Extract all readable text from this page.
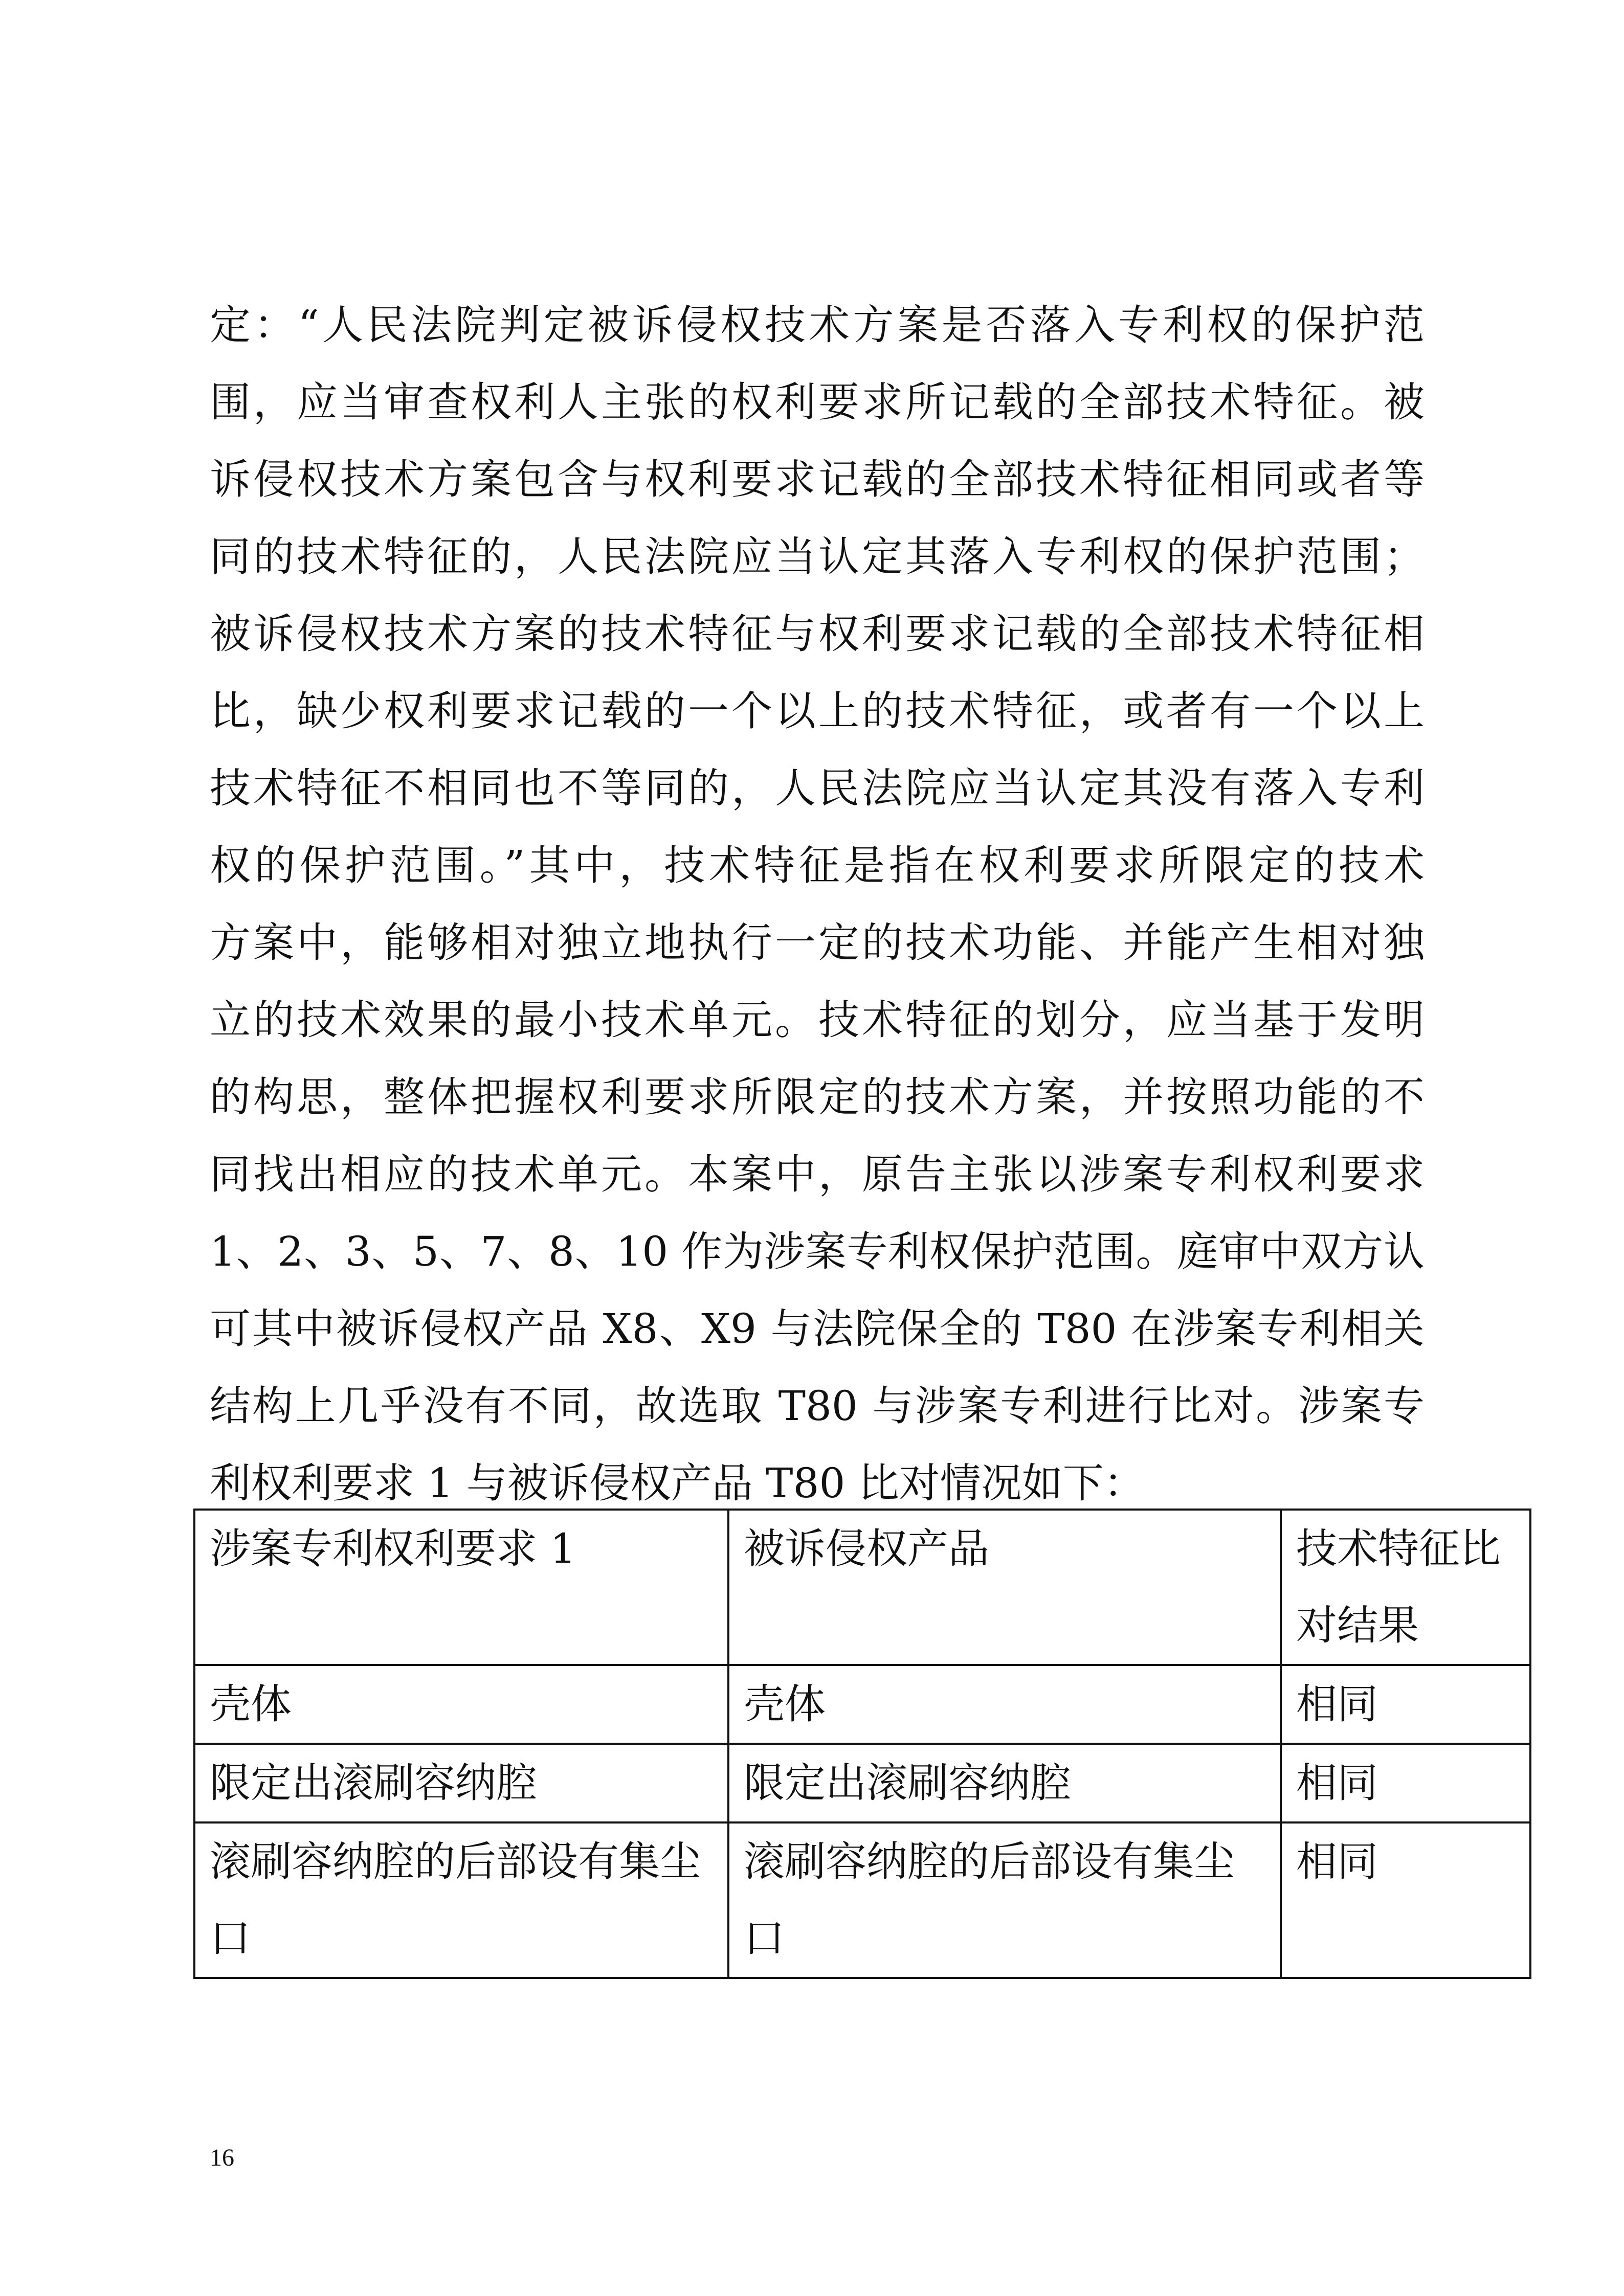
定：“人民法院判定被诉侵权技术方案是否落入专利权的保护范
围，应当审查权利人主张的权利要求所记载的全部技术特征。被
诉侵权技术方案包含与权利要求记载的全部技术特征相同或者等
同的技术特征的，人民法院应当认定其落入专利权的保护范围；
被诉侵权技术方案的技术特征与权利要求记载的全部技术特征相
比，缺少权利要求记载的一个以上的技术特征，或者有一个以上
技术特征不相同也不等同的，人民法院应当认定其没有落入专利
权的保护范围。”其中，技术特征是指在权利要求所限定的技术
方案中，能够相对独立地执行一定的技术功能、并能产生相对独
立的技术效果的最小技术单元。技术特征的划分，应当基于发明
的构思，整体把握权利要求所限定的技术方案，并按照功能的不
同找出相应的技术单元。本案中，原告主张以涉案专利权利要求
1、2、3、5、7、8、10 作为涉案专利权保护范围。庭审中双方认
可其中被诉侵权产品 X8、X9 与法院保全的 T80 在涉案专利相关
结构上几乎没有不同，故选取 T80 与涉案专利进行比对。涉案专
利权利要求 1 与被诉侵权产品 T80 比对情况如下：
涉案专利权利要求 1	被诉侵权产品	技术特征比对结果
壳体	壳体	相同
限定出滚刷容纳腔	限定出滚刷容纳腔	相同
滚刷容纳腔的后部设有集尘口	滚刷容纳腔的后部设有集尘口	相同
16
